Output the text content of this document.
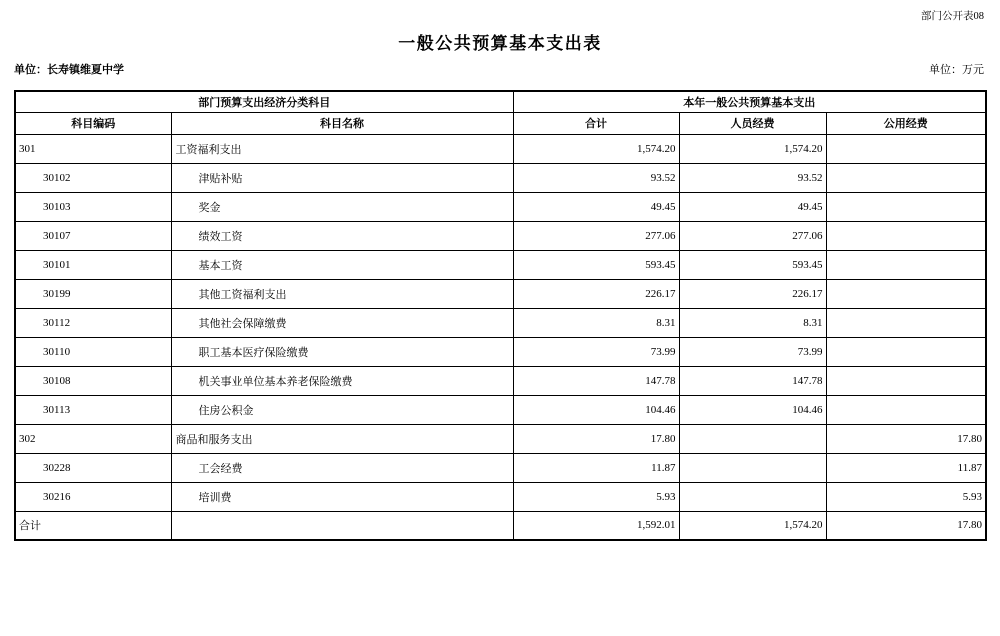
部门公开表08
一般公共预算基本支出表
单位：长寿镇维夏中学	单位：万元
部门预算支出经济分类科目		本年一般公共预算基本支出		
科目编码	科目名称	合计	人员经费	公用经费
301	工资福利支出	1,574.20	1,574.20	
30102	津贴补贴	93.52	93.52	
30103	奖金	49.45	49.45	
30107	绩效工资	277.06	277.06	
30101	基本工资	593.45	593.45	
30199	其他工资福利支出	226.17	226.17	
30112	其他社会保障缴费	8.31	8.31	
30110	职工基本医疗保险缴费	73.99	73.99	
30108	机关事业单位基本养老保险缴费	147.78	147.78	
30113	住房公积金	104.46	104.46	
302	商品和服务支出	17.80		17.80
30228	工会经费	11.87		11.87
30216	培训费	5.93		5.93
合计		1,592.01	1,574.20	17.80
